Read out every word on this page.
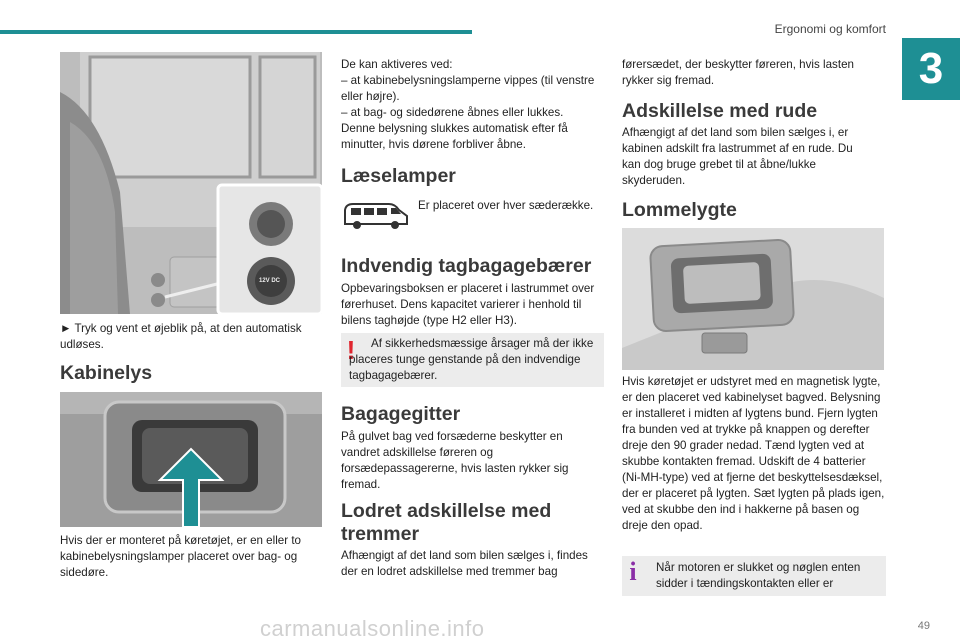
Ergonomi og komfort
3
12V DC

► Tryk og vent et øjeblik på, at den automatisk udløses.

Kabinelys

Hvis der er monteret på køretøjet, er en eller to kabinebelysningslamper placeret over bag- og sidedøre.

De kan aktiveres ved:

– at kabinebelysningslamperne vippes (til venstre eller højre).

– at bag- og sidedørene åbnes eller lukkes.

Denne belysning slukkes automatisk efter få minutter, hvis dørene forbliver åbne.

Læselamper

Er placeret over hver sæderække.

Indvendig tagbagagebærer

Opbevaringsboksen er placeret i lastrummet over førerhuset. Dens kapacitet varierer i henhold til bilens taghøjde (type H2 eller H3).

!	Af sikkerhedsmæssige årsager må der ikke placeres tunge genstande på den indvendige tagbagagebærer.

Bagagegitter

På gulvet bag ved forsæderne beskytter en vandret adskillelse føreren og forsædepassagererne, hvis lasten rykker sig fremad.

Lodret adskillelse med tremmer

Afhængigt af det land som bilen sælges i, findes der en lodret adskillelse med tremmer bag

førersædet, der beskytter føreren, hvis lasten rykker sig fremad.

Adskillelse med rude

Afhængigt af det land som bilen sælges i, er kabinen adskilt fra lastrummet af en rude. Du kan dog bruge grebet til at åbne/lukke skyderuden.

Lommelygte

Hvis køretøjet er udstyret med en magnetisk lygte, er den placeret ved kabinelyset bagved. Belysning er installeret i midten af lygtens bund. Fjern lygten fra bunden ved at trykke på knappen og derefter dreje den 90 grader nedad. Tænd lygten ved at skubbe kontakten fremad. Udskift de 4 batterier (Ni-MH-type) ved at fjerne det beskyttelsesdæksel, der er placeret på lygten. Sæt lygten på plads igen, ved at skubbe den ind i hakkerne på basen og dreje den opad.

i Når motoren er slukket og nøglen enten sidder i tændingskontakten eller er

carmanualsonline.info	49
